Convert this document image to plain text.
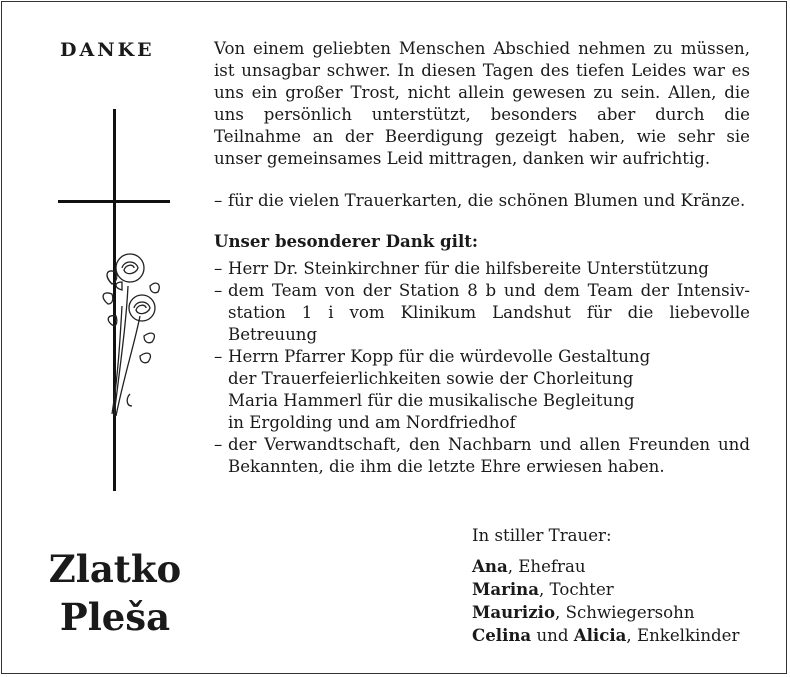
DANKE
Zlatko
Pleša

Von einem geliebten Menschen Abschied nehmen zu müssen, ist unsagbar schwer. In diesen Tagen des tiefen Leides war es uns ein großer Trost, nicht allein gewesen zu sein. Allen, die uns persönlich unterstützt, besonders aber durch die Teilnahme an der Beerdigung gezeigt haben, wie sehr sie unser gemeinsames Leid mittragen, danken wir aufrichtig.

– für die vielen Trauerkarten, die schönen Blumen und Kränze.

Unser besonderer Dank gilt:

– Herr Dr. Steinkirchner für die hilfsbereite Unterstützung
– dem Team von der Station 8 b und dem Team der Intensiv- station 1 i vom Klinikum Landshut für die liebevolle Betreuung
– Herrn Pfarrer Kopp für die würdevolle Gestaltung
der Trauerfeierlichkeiten sowie der Chorleitung
Maria Hammerl für die musikalische Begleitung
in Ergolding und am Nordfriedhof
– der Verwandtschaft, den Nachbarn und allen Freunden und Bekannten, die ihm die letzte Ehre erwiesen haben.
In stiller Trauer:
Ana, Ehefrau
Marina, Tochter
Maurizio, Schwiegersohn
Celina und Alicia, Enkelkinder
